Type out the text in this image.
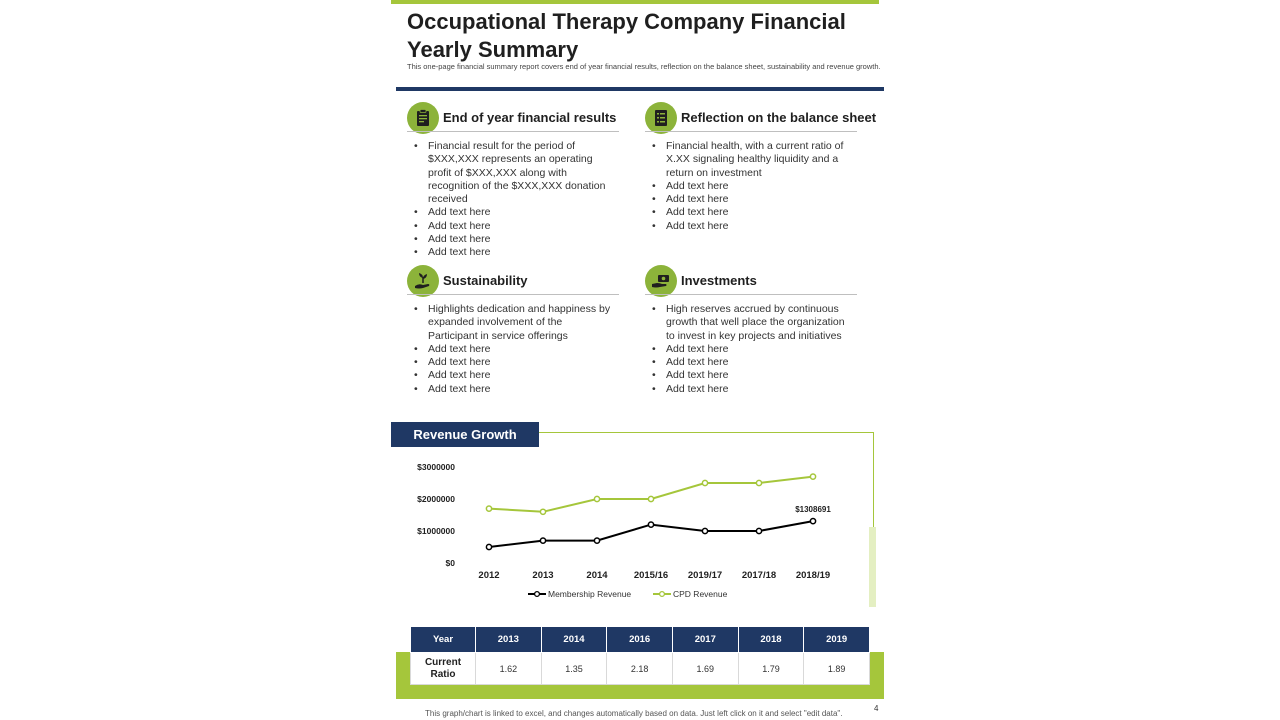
Occupational Therapy Company Financial Yearly Summary
This one-page financial summary report covers end of year financial results, reflection on the balance sheet, sustainability and revenue growth.
End of year financial results
• Financial result for the period of $XXX,XXX represents an operating profit of $XXX,XXX along with recognition of the $XXX,XXX donation received
• Add text here
• Add text here
• Add text here
• Add text here
Reflection on the balance sheet
• Financial health, with a current ratio of X.XX signaling healthy liquidity and a return on investment
• Add text here
• Add text here
• Add text here
• Add text here
Sustainability
• Highlights dedication and happiness by expanded involvement of the Participant in service offerings
• Add text here
• Add text here
• Add text here
• Add text here
Investments
• High reserves accrued by continuous growth that well place the organization to invest in key projects and initiatives
• Add text here
• Add text here
• Add text here
• Add text here
Revenue Growth
$0
$1000000
$2000000
$3000000
2012	2013	2014	2015/16 2019/17 2017/18 2018/19
$1308691
Membership Revenue	CPD Revenue
Year	2013	2014	2016	2017	2018	2019
Current
Ratio	1.62	1.35	2.18	1.69	1.79	1.89
This graph/chart is linked to excel, and changes automatically based on data. Just left click on it and select "edit data".
4
